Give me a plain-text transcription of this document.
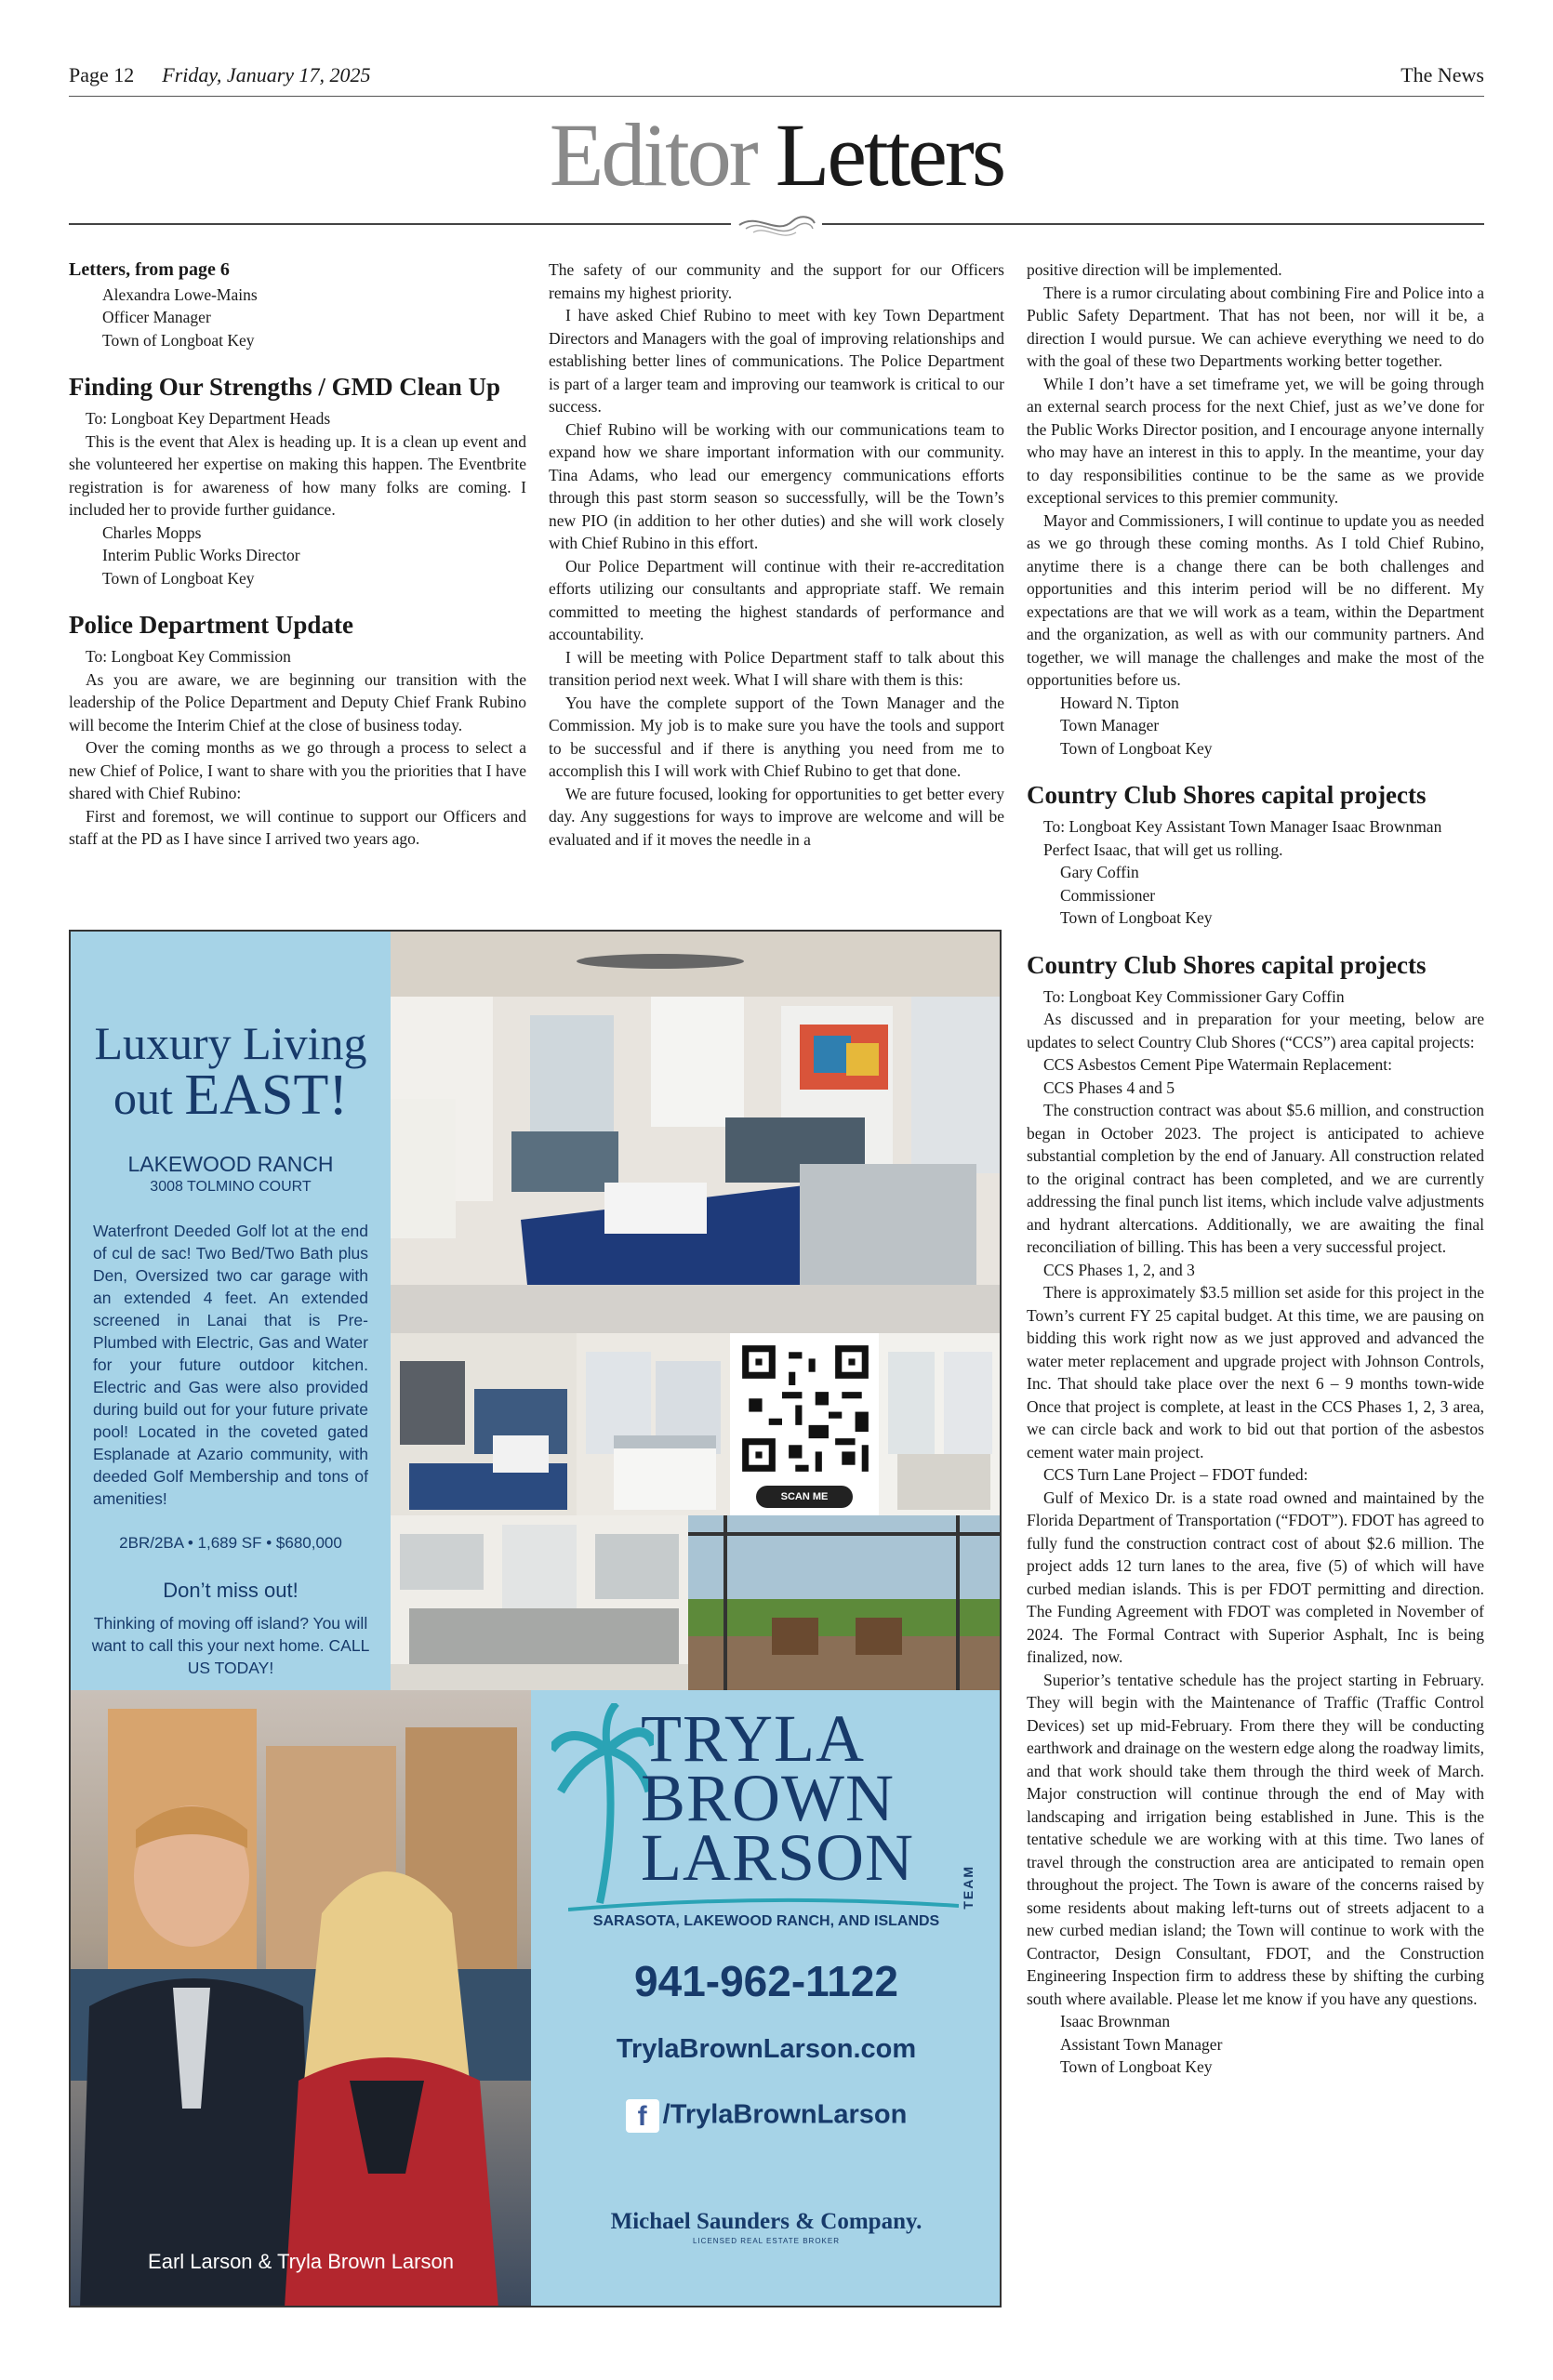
Page 12 Friday, January 17, 2025	The News
Editor Letters
Letters, from page 6

Alexandra Lowe-Mains

Officer Manager

Town of Longboat Key

Finding Our Strengths / GMD Clean Up

To: Longboat Key Department Heads

This is the event that Alex is heading up. It is a clean up event and she volunteered her expertise on making this happen. The Eventbrite registration is for awareness of how many folks are coming. I included her to provide further guidance.

Charles Mopps

Interim Public Works Director

Town of Longboat Key

Police Department Update

To: Longboat Key Commission

As you are aware, we are beginning our transition with the leadership of the Police Department and Deputy Chief Frank Rubino will become the Interim Chief at the close of business today.

Over the coming months as we go through a process to select a new Chief of Police, I want to share with you the priorities that I have shared with Chief Rubino:

First and foremost, we will continue to support our Officers and staff at the PD as I have since I arrived two years ago.

The safety of our community and the support for our Officers remains my highest priority.

I have asked Chief Rubino to meet with key Town Department Directors and Managers with the goal of improving relationships and establishing better lines of communications. The Police Department is part of a larger team and improving our teamwork is critical to our success.

Chief Rubino will be working with our communications team to expand how we share important information with our community. Tina Adams, who lead our emergency communications efforts through this past storm season so successfully, will be the Town’s new PIO (in addition to her other duties) and she will work closely with Chief Rubino in this effort.

Our Police Department will continue with their re-accreditation efforts utilizing our consultants and appropriate staff. We remain committed to meeting the highest standards of performance and accountability.

I will be meeting with Police Department staff to talk about this transition period next week. What I will share with them is this:

You have the complete support of the Town Manager and the Commission. My job is to make sure you have the tools and support to be successful and if there is anything you need from me to accomplish this I will work with Chief Rubino to get that done.

We are future focused, looking for opportunities to get better every day. Any suggestions for ways to improve are welcome and will be evaluated and if it moves the needle in a

positive direction will be implemented.

There is a rumor circulating about combining Fire and Police into a Public Safety Department. That has not been, nor will it be, a direction I would pursue. We can achieve everything we need to do with the goal of these two Departments working better together.

While I don’t have a set timeframe yet, we will be going through an external search process for the next Chief, just as we’ve done for the Public Works Director position, and I encourage anyone internally who may have an interest in this to apply. In the meantime, your day to day responsibilities continue to be the same as we provide exceptional services to this premier community.

Mayor and Commissioners, I will continue to update you as needed as we go through these coming months. As I told Chief Rubino, anytime there is a change there can be both challenges and opportunities and this interim period will be no different. My expectations are that we will work as a team, within the Department and the organization, as well as with our community partners. And together, we will manage the challenges and make the most of the opportunities before us.

Howard N. Tipton

Town Manager

Town of Longboat Key

Country Club Shores capital projects

To: Longboat Key Assistant Town Manager Isaac Brownman

Perfect Isaac, that will get us rolling.

Gary Coffin

Commissioner

Town of Longboat Key

Country Club Shores capital projects

To: Longboat Key Commissioner Gary Coffin

As discussed and in preparation for your meeting, below are updates to select Country Club Shores (“CCS”) area capital projects:

CCS Asbestos Cement Pipe Watermain Replacement:

CCS Phases 4 and 5

The construction contract was about $5.6 million, and construction began in October 2023. The project is anticipated to achieve substantial completion by the end of January. All construction related to the original contract has been completed, and we are currently addressing the final punch list items, which include valve adjustments and hydrant altercations. Additionally, we are awaiting the final reconciliation of billing. This has been a very successful project.

CCS Phases 1, 2, and 3

There is approximately $3.5 million set aside for this project in the Town’s current FY 25 capital budget. At this time, we are pausing on bidding this work right now as we just approved and advanced the water meter replacement and upgrade project with Johnson Controls, Inc. That should take place over the next 6 – 9 months town-wide Once that project is complete, at least in the CCS Phases 1, 2, 3 area, we can circle back and work to bid out that portion of the asbestos cement water main project.

CCS Turn Lane Project – FDOT funded:

Gulf of Mexico Dr. is a state road owned and maintained by the Florida Department of Transportation (“FDOT”). FDOT has agreed to fully fund the construction contract cost of about $2.6 million. The project adds 12 turn lanes to the area, five (5) of which will have curbed median islands. This is per FDOT permitting and direction. The Funding Agreement with FDOT was completed in November of 2024. The Formal Contract with Superior Asphalt, Inc is being finalized, now.

Superior’s tentative schedule has the project starting in February. They will begin with the Maintenance of Traffic (Traffic Control Devices) set up mid-February. From there they will be conducting earthwork and drainage on the western edge along the roadway limits, and that work should take them through the third week of March. Major construction will continue through the end of May with landscaping and irrigation being established in June. This is the tentative schedule we are working with at this time. Two lanes of travel through the construction area are anticipated to remain open throughout the project. The Town is aware of the concerns raised by some residents about making left-turns out of streets adjacent to a new curbed median island; the Town will continue to work with the Contractor, Design Consultant, FDOT, and the Construction Engineering Inspection firm to address these by shifting the curbing south where available. Please let me know if you have any questions.

Isaac Brownman

Assistant Town Manager

Town of Longboat Key

Luxury Living
out EAST!
LAKEWOOD RANCH
3008 TOLMINO COURT
Waterfront Deeded Golf lot at the end of cul de sac! Two Bed/Two Bath plus Den, Oversized two car garage with an extended 4 feet. An extended screened in Lanai that is Pre-Plumbed with Electric, Gas and Water for your future outdoor kitchen. Electric and Gas were also provided during build out for your future private pool! Located in the coveted gated Esplanade at Azario community, with deeded Golf Membership and tons of amenities!
2BR/2BA • 1,689 SF • $680,000
Don’t miss out!
Thinking of moving off island? You will want to call this your next home. CALL US TODAY!
SCAN ME
Earl Larson & Tryla Brown Larson
TRYLA
BROWN
LARSON	TEAM
SARASOTA, LAKEWOOD RANCH, AND ISLANDS
941-962-1122
TrylaBrownLarson.com
f /TrylaBrownLarson
Michael Saunders & Company.
LICENSED REAL ESTATE BROKER
